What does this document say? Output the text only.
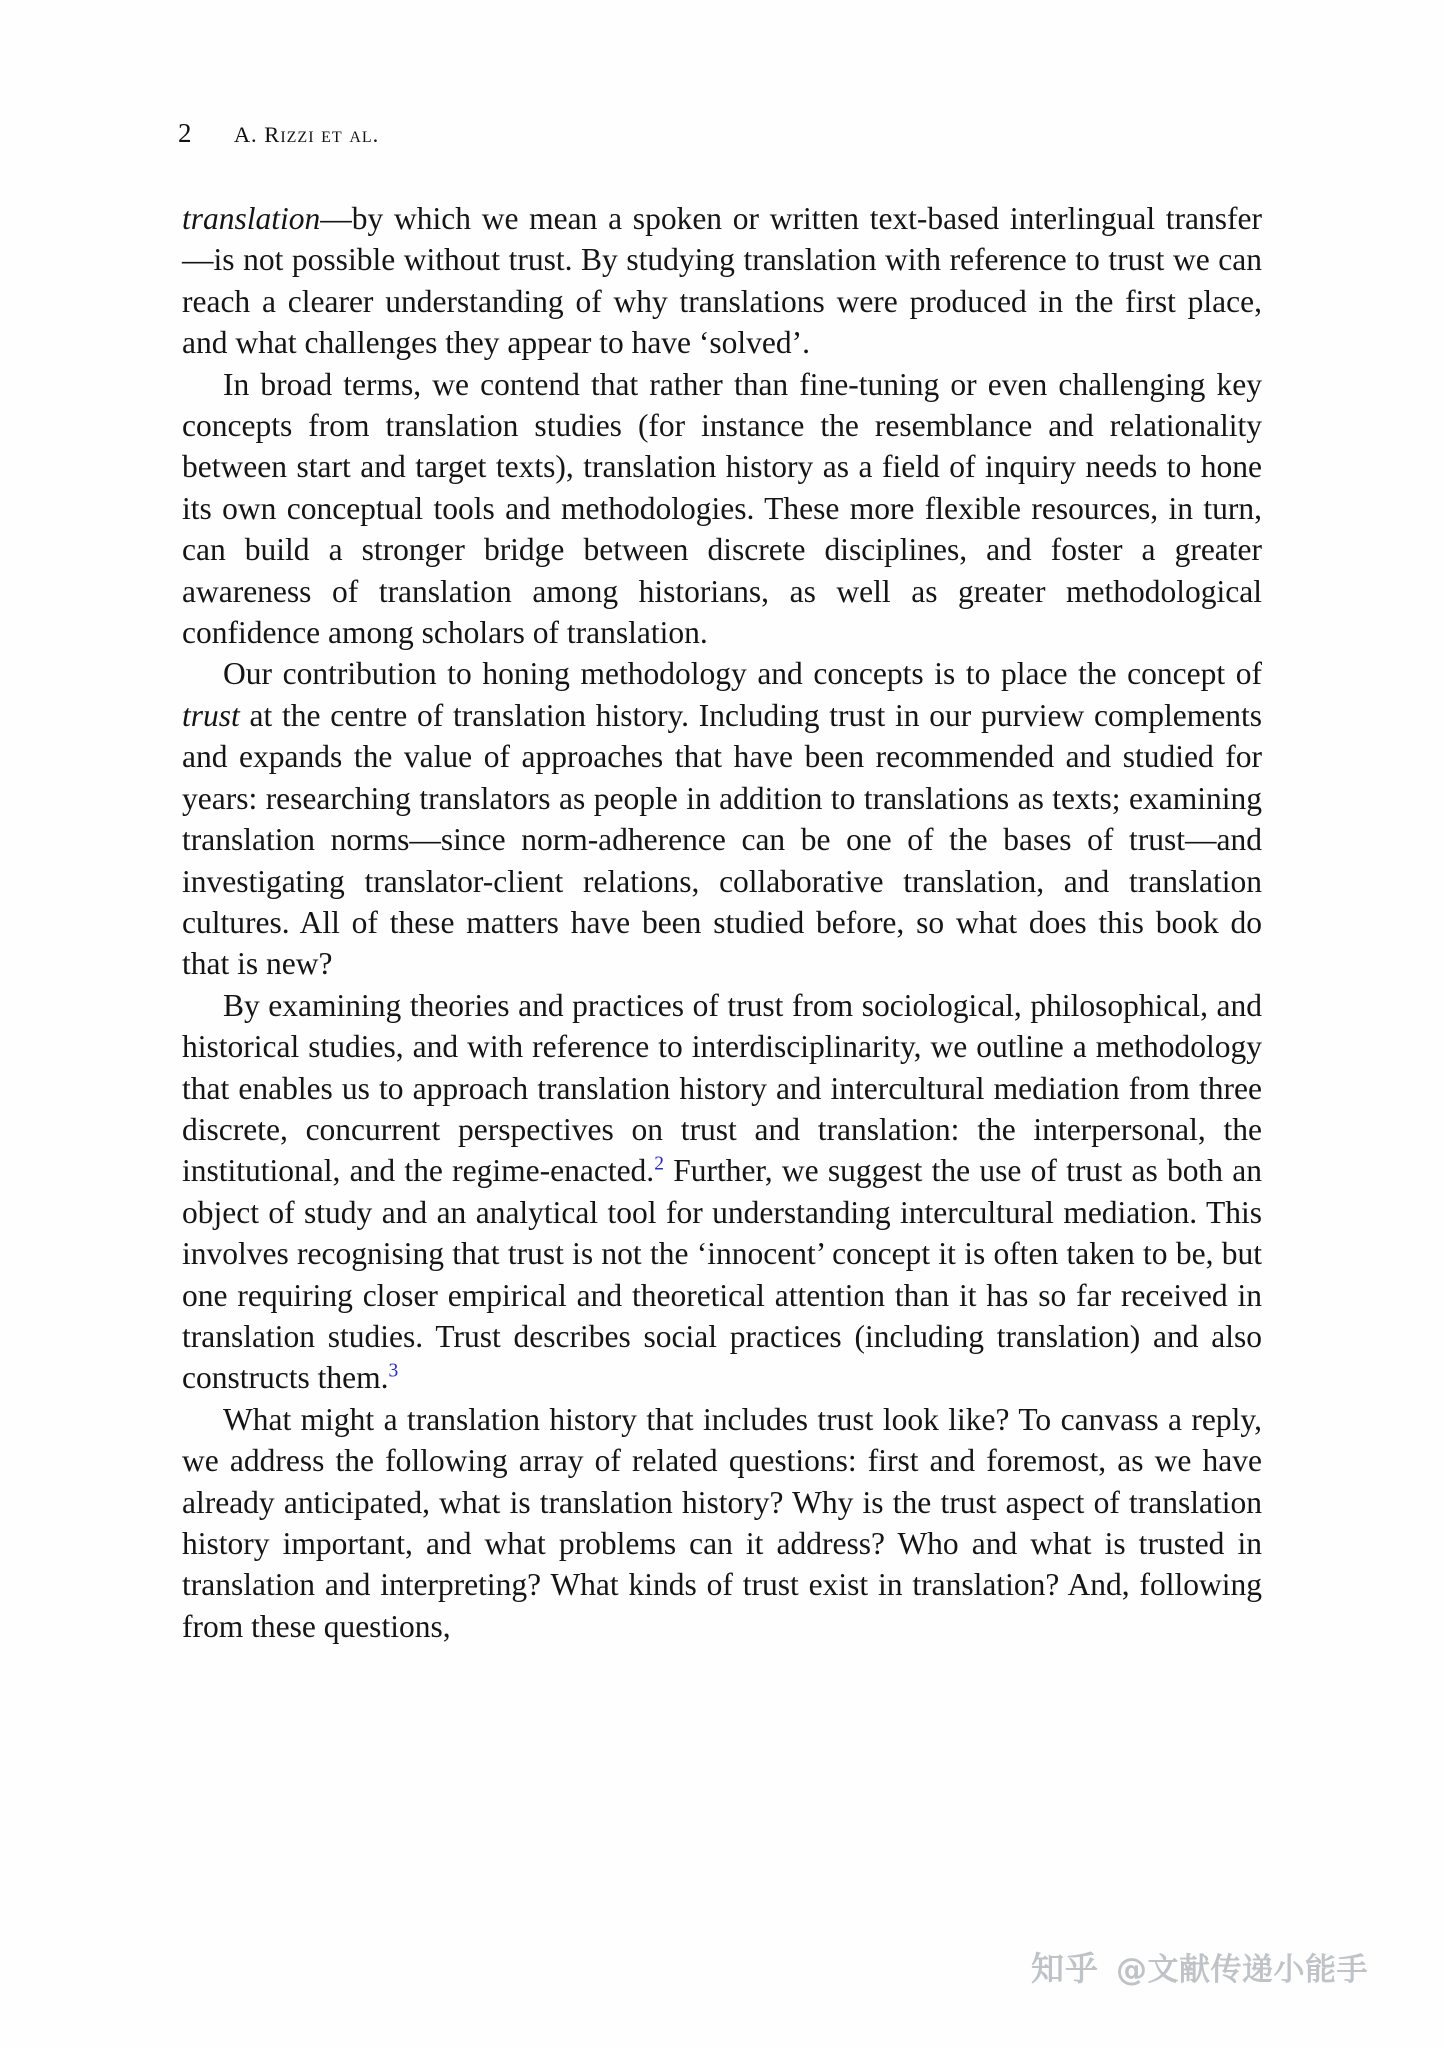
2 A. Rizzi et al.

translation—by which we mean a spoken or written text-based interlingual transfer—is not possible without trust. By studying translation with reference to trust we can reach a clearer understanding of why translations were produced in the first place, and what challenges they appear to have ‘solved’.

In broad terms, we contend that rather than fine-tuning or even challenging key concepts from translation studies (for instance the resemblance and relationality between start and target texts), translation history as a field of inquiry needs to hone its own conceptual tools and methodologies. These more flexible resources, in turn, can build a stronger bridge between discrete disciplines, and foster a greater awareness of translation among historians, as well as greater methodological confidence among scholars of translation.

Our contribution to honing methodology and concepts is to place the concept of trust at the centre of translation history. Including trust in our purview complements and expands the value of approaches that have been recommended and studied for years: researching translators as people in addition to translations as texts; examining translation norms—since norm-adherence can be one of the bases of trust—and investigating translator-client relations, collaborative translation, and translation cultures. All of these matters have been studied before, so what does this book do that is new?

By examining theories and practices of trust from sociological, philosophical, and historical studies, and with reference to interdisciplinarity, we outline a methodology that enables us to approach translation history and intercultural mediation from three discrete, concurrent perspectives on trust and translation: the interpersonal, the institutional, and the regime-enacted.$^2$ Further, we suggest the use of trust as both an object of study and an analytical tool for understanding intercultural mediation. This involves recognising that trust is not the ‘innocent’ concept it is often taken to be, but one requiring closer empirical and theoretical attention than it has so far received in translation studies. Trust describes social practices (including translation) and also constructs them.$^3$

What might a translation history that includes trust look like? To canvass a reply, we address the following array of related questions: first and foremost, as we have already anticipated, what is translation history? Why is the trust aspect of translation history important, and what problems can it address? Who and what is trusted in translation and interpreting? What kinds of trust exist in translation? And, following from these questions,

知乎 @文献传递小能手
